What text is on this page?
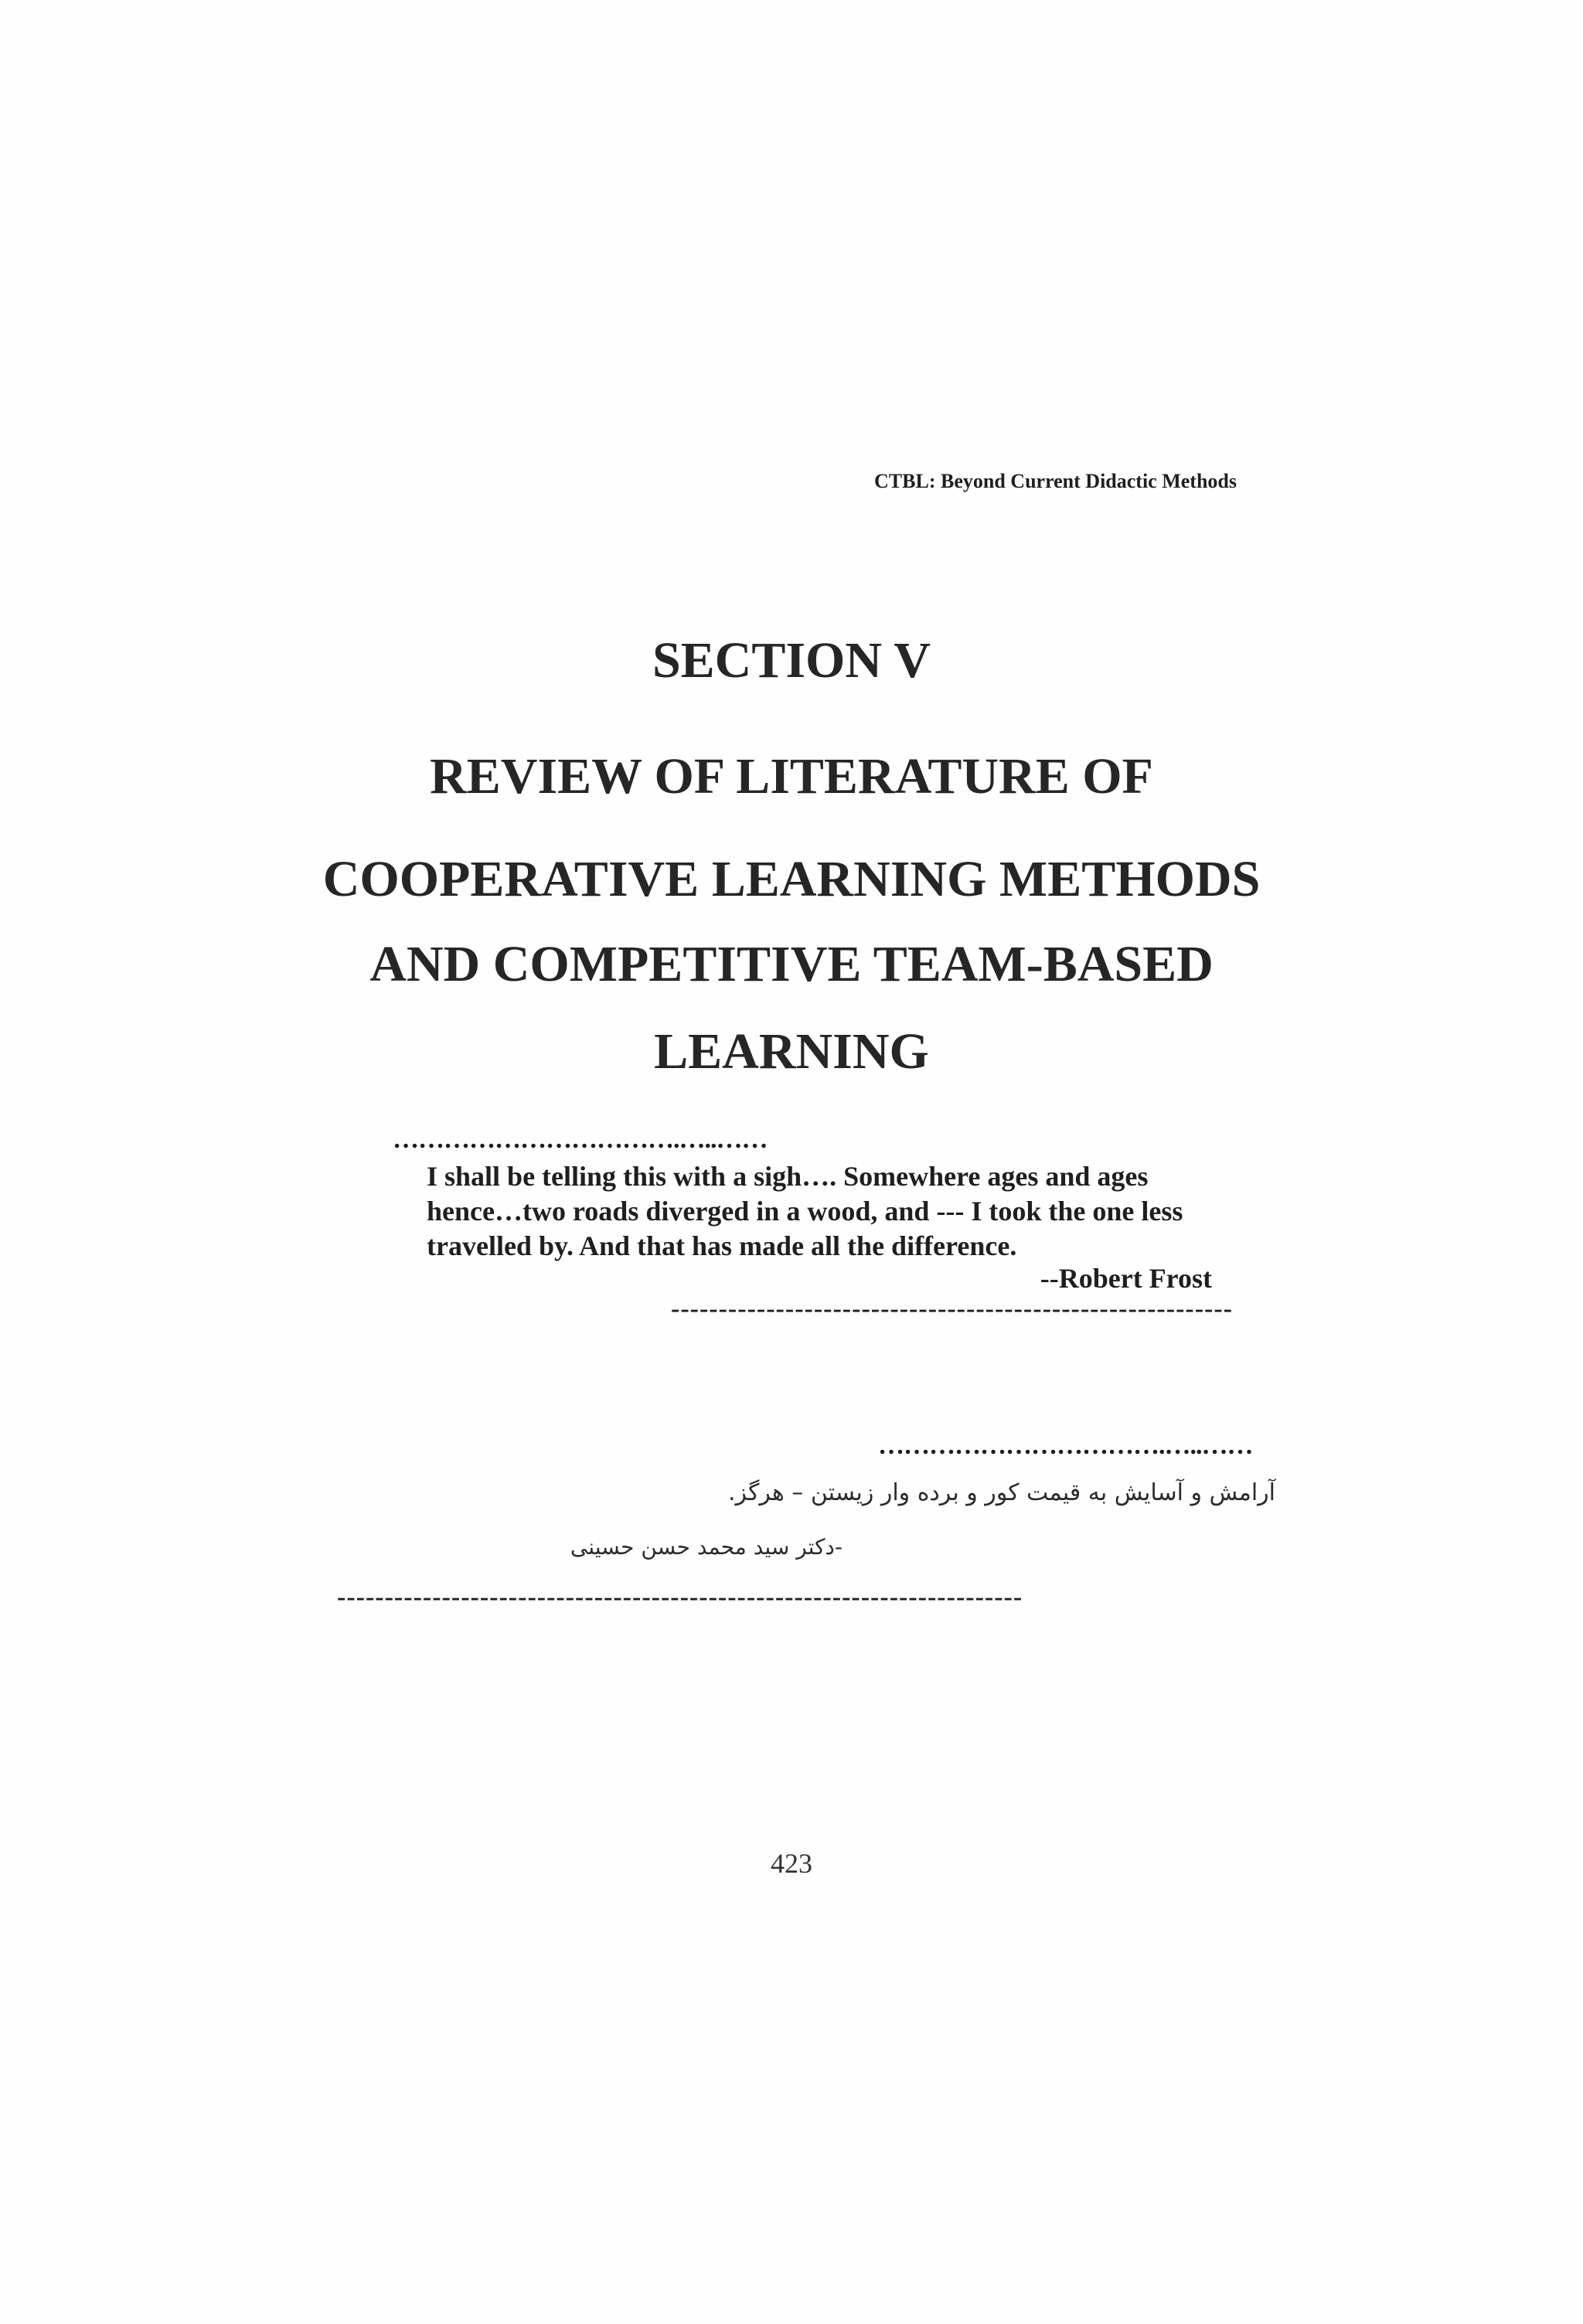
CTBL: Beyond Current Didactic Methods
SECTION V
REVIEW OF LITERATURE OF
COOPERATIVE LEARNING METHODS
AND COMPETITIVE TEAM-BASED
LEARNING
…………………………….…..……
I shall be telling this with a sigh…. Somewhere ages and ages
hence…two roads diverged in a wood, and --- I took the one less
travelled by. And that has made all the difference.
--Robert Frost
-----------------------------------------------------------
…………………………….…..……
آرامش و آسایش به قیمت کور و برده وار زیستن – هرگز.
-دکتر سید محمد حسن حسینی
------------------------------------------------------------------------
423
